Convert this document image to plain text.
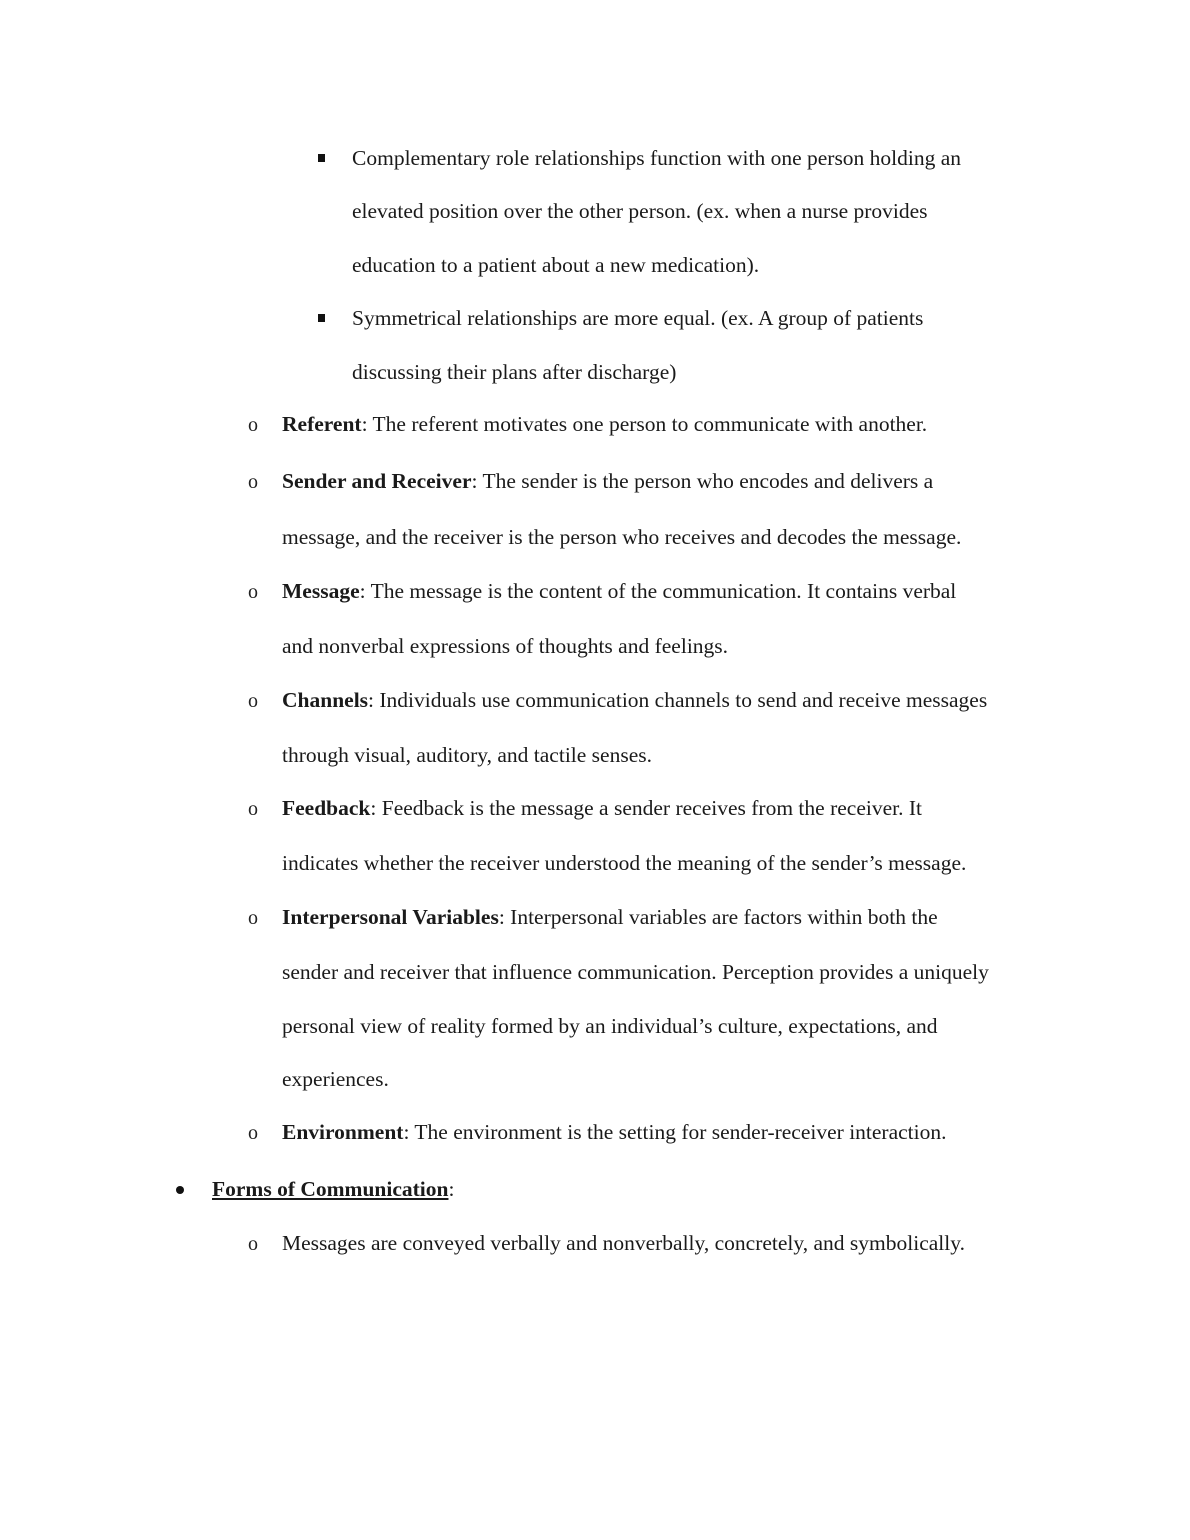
Complementary role relationships function with one person holding an
elevated position over the other person. (ex. when a nurse provides
education to a patient about a new medication).
Symmetrical relationships are more equal. (ex. A group of patients
discussing their plans after discharge)
o Referent: The referent motivates one person to communicate with another.
o Sender and Receiver: The sender is the person who encodes and delivers a
message, and the receiver is the person who receives and decodes the message.
o Message: The message is the content of the communication. It contains verbal
and nonverbal expressions of thoughts and feelings.
o Channels: Individuals use communication channels to send and receive messages
through visual, auditory, and tactile senses.
o Feedback: Feedback is the message a sender receives from the receiver. It
indicates whether the receiver understood the meaning of the sender’s message.
o Interpersonal Variables: Interpersonal variables are factors within both the
sender and receiver that influence communication. Perception provides a uniquely
personal view of reality formed by an individual’s culture, expectations, and
experiences.
o Environment: The environment is the setting for sender-receiver interaction.
Forms of Communication:
o Messages are conveyed verbally and nonverbally, concretely, and symbolically.
